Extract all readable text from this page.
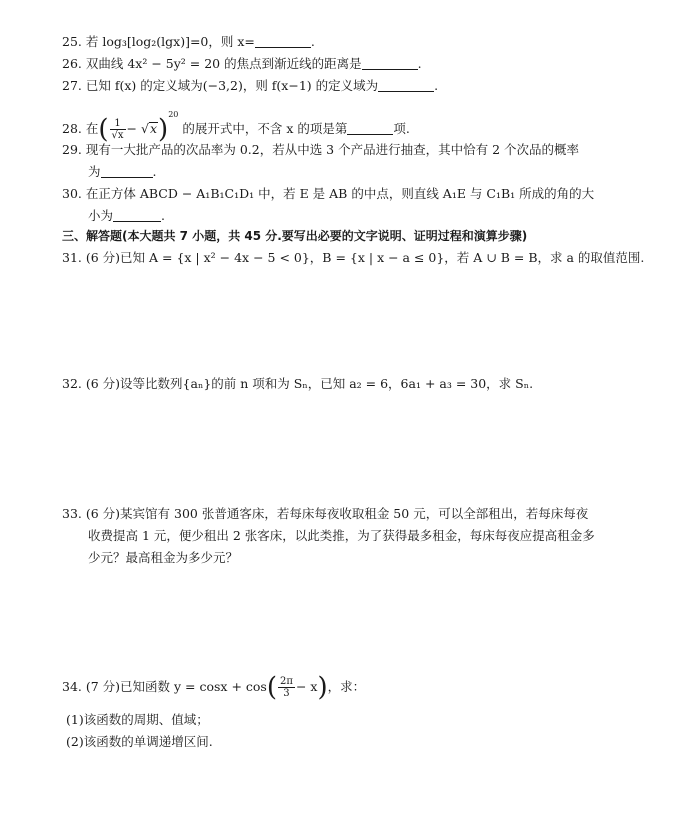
25. 若 log₃[log₂(lgx)]=0，则 x=	.
26. 双曲线 4x² − 5y² = 20 的焦点到渐近线的距离是	.
27. 已知 f(x) 的定义域为(−3,2)，则 f(x−1) 的定义域为	.
28. 在( $\frac{1}{√x} - √x)^{20}$ 的展开式中，不含 x 的项是第	项.
29. 现有一大批产品的次品率为 0.2，若从中选 3 个产品进行抽查，其中恰有 2 个次品的概率
为	.
30. 在正方体 ABCD − A₁B₁C₁D₁ 中，若 E 是 AB 的中点，则直线 A₁E 与 C₁B₁ 所成的角的大
小为	.
三、解答题(本大题共 7 小题，共 45 分.要写出必要的文字说明、证明过程和演算步骤)
31. (6 分)已知 A = {x | x² − 4x − 5 < 0}，B = {x | x − a ≤ 0}，若 A ∪ B = B，求 a 的取值范围.
32. (6 分)设等比数列{aₙ}的前 n 项和为 Sₙ，已知 a₂ = 6，6a₁ + a₃ = 30，求 Sₙ.
33. (6 分)某宾馆有 300 张普通客床，若每床每夜收取租金 50 元，可以全部租出，若每床每夜
收费提高 1 元，便少租出 2 张客床，以此类推，为了获得最多租金，每床每夜应提高租金多
少元？最高租金为多少元？
34. (7 分)已知函数 $y = \cos x + \cos( \frac{2\pi}{3} - x)$，求：
(1)该函数的周期、值域；
(2)该函数的单调递增区间.
